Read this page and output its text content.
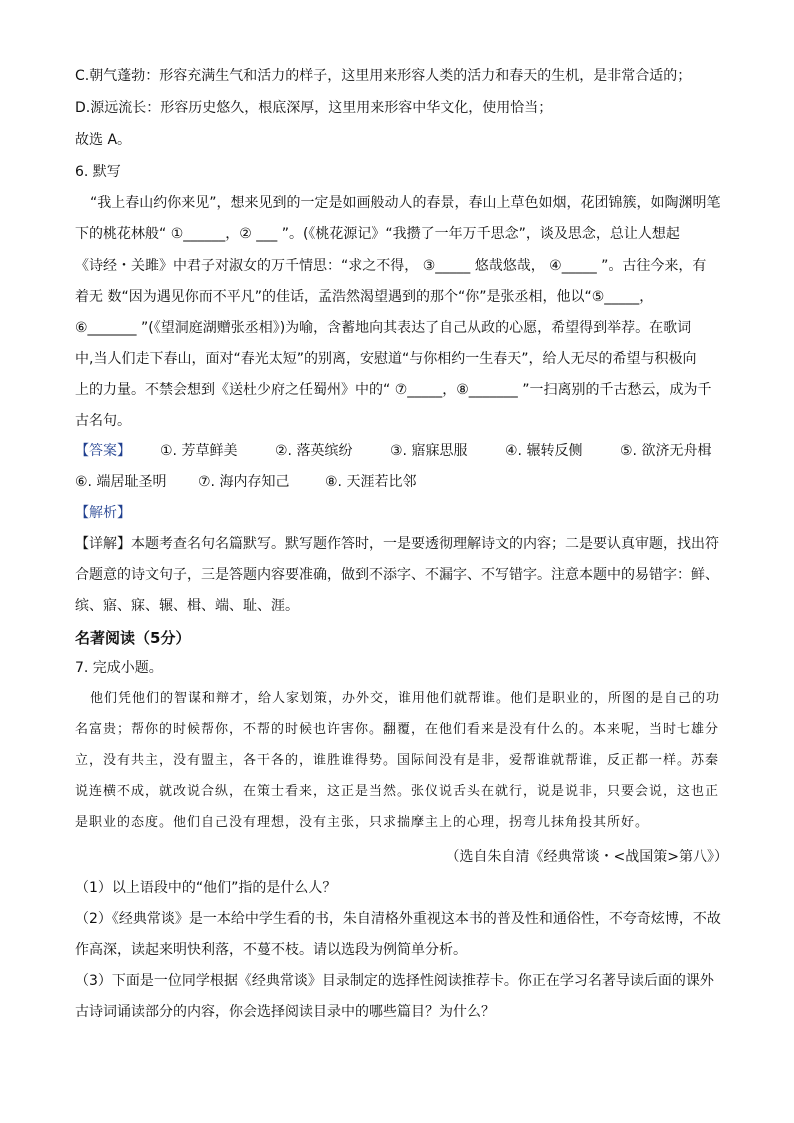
C.朝气蓬勃：形容充满生气和活力的样子，这里用来形容人类的活力和春天的生机，是非常合适的；
D.源远流长：形容历史悠久，根底深厚，这里用来形容中华文化，使用恰当；
故选 A。
6. 默写
“我上春山约你来见”，想来见到的一定是如画般动人的春景，春山上草色如烟，花团锦簇，如陶渊明笔
下的桃花林般“ ①______，② ___ ”。(《桃花源记》“我攒了一年万千思念”，谈及思念，总让人想起
《诗经・关雎》中君子对淑女的万千情思：“求之不得， ③_____ 悠哉悠哉， ④_____ ”。古往今来，有
着无 数“因为遇见你而不平凡”的佳话，孟浩然渴望遇到的那个“你”是张丞相，他以“⑤_____，
⑥_______ ”(《望洞庭湖赠张丞相》)为喻，含蓄地向其表达了自己从政的心愿，希望得到举荐。在歌词
中,当人们走下春山，面对“春光太短”的别离，安慰道“与你相约一生春天”，给人无尽的希望与积极向
上的力量。不禁会想到《送杜少府之任蜀州》中的“ ⑦_____，⑧_______ ”一扫离别的千古愁云，成为千
古名句。
【答案】 ①. 芳草鲜美	②. 落英缤纷	③. 寤寐思服	④. 辗转反侧	⑤. 欲济无舟楫
⑥. 端居耻圣明 ⑦. 海内存知己	⑧. 天涯若比邻
【解析】
【详解】本题考查名句名篇默写。默写题作答时，一是要透彻理解诗文的内容；二是要认真审题，找出符
合题意的诗文句子，三是答题内容要准确，做到不添字、不漏字、不写错字。注意本题中的易错字：鲜、
缤、寤、寐、辗、楫、端、耻、涯。
名著阅读（5分）
7. 完成小题。
他们凭他们的智谋和辩才，给人家划策，办外交，谁用他们就帮谁。他们是职业的，所图的是自己的功
名富贵；帮你的时候帮你，不帮的时候也许害你。翻覆，在他们看来是没有什么的。本来呢，当时七雄分
立，没有共主，没有盟主，各干各的，谁胜谁得势。国际间没有是非，爱帮谁就帮谁，反正都一样。苏秦
说连横不成，就改说合纵，在策士看来，这正是当然。张仪说舌头在就行，说是说非，只要会说，这也正
是职业的态度。他们自己没有理想，没有主张，只求揣摩主上的心理，拐弯儿抹角投其所好。
（选自朱自清《经典常谈・<战国策>第八》）
（1）以上语段中的“他们”指的是什么人？
（2）《经典常谈》是一本给中学生看的书，朱自清格外重视这本书的普及性和通俗性，不夸奇炫博，不故
作高深，读起来明快利落，不蔓不枝。请以选段为例简单分析。
（3）下面是一位同学根据《经典常谈》目录制定的选择性阅读推荐卡。你正在学习名著导读后面的课外
古诗词诵读部分的内容，你会选择阅读目录中的哪些篇目？为什么？
